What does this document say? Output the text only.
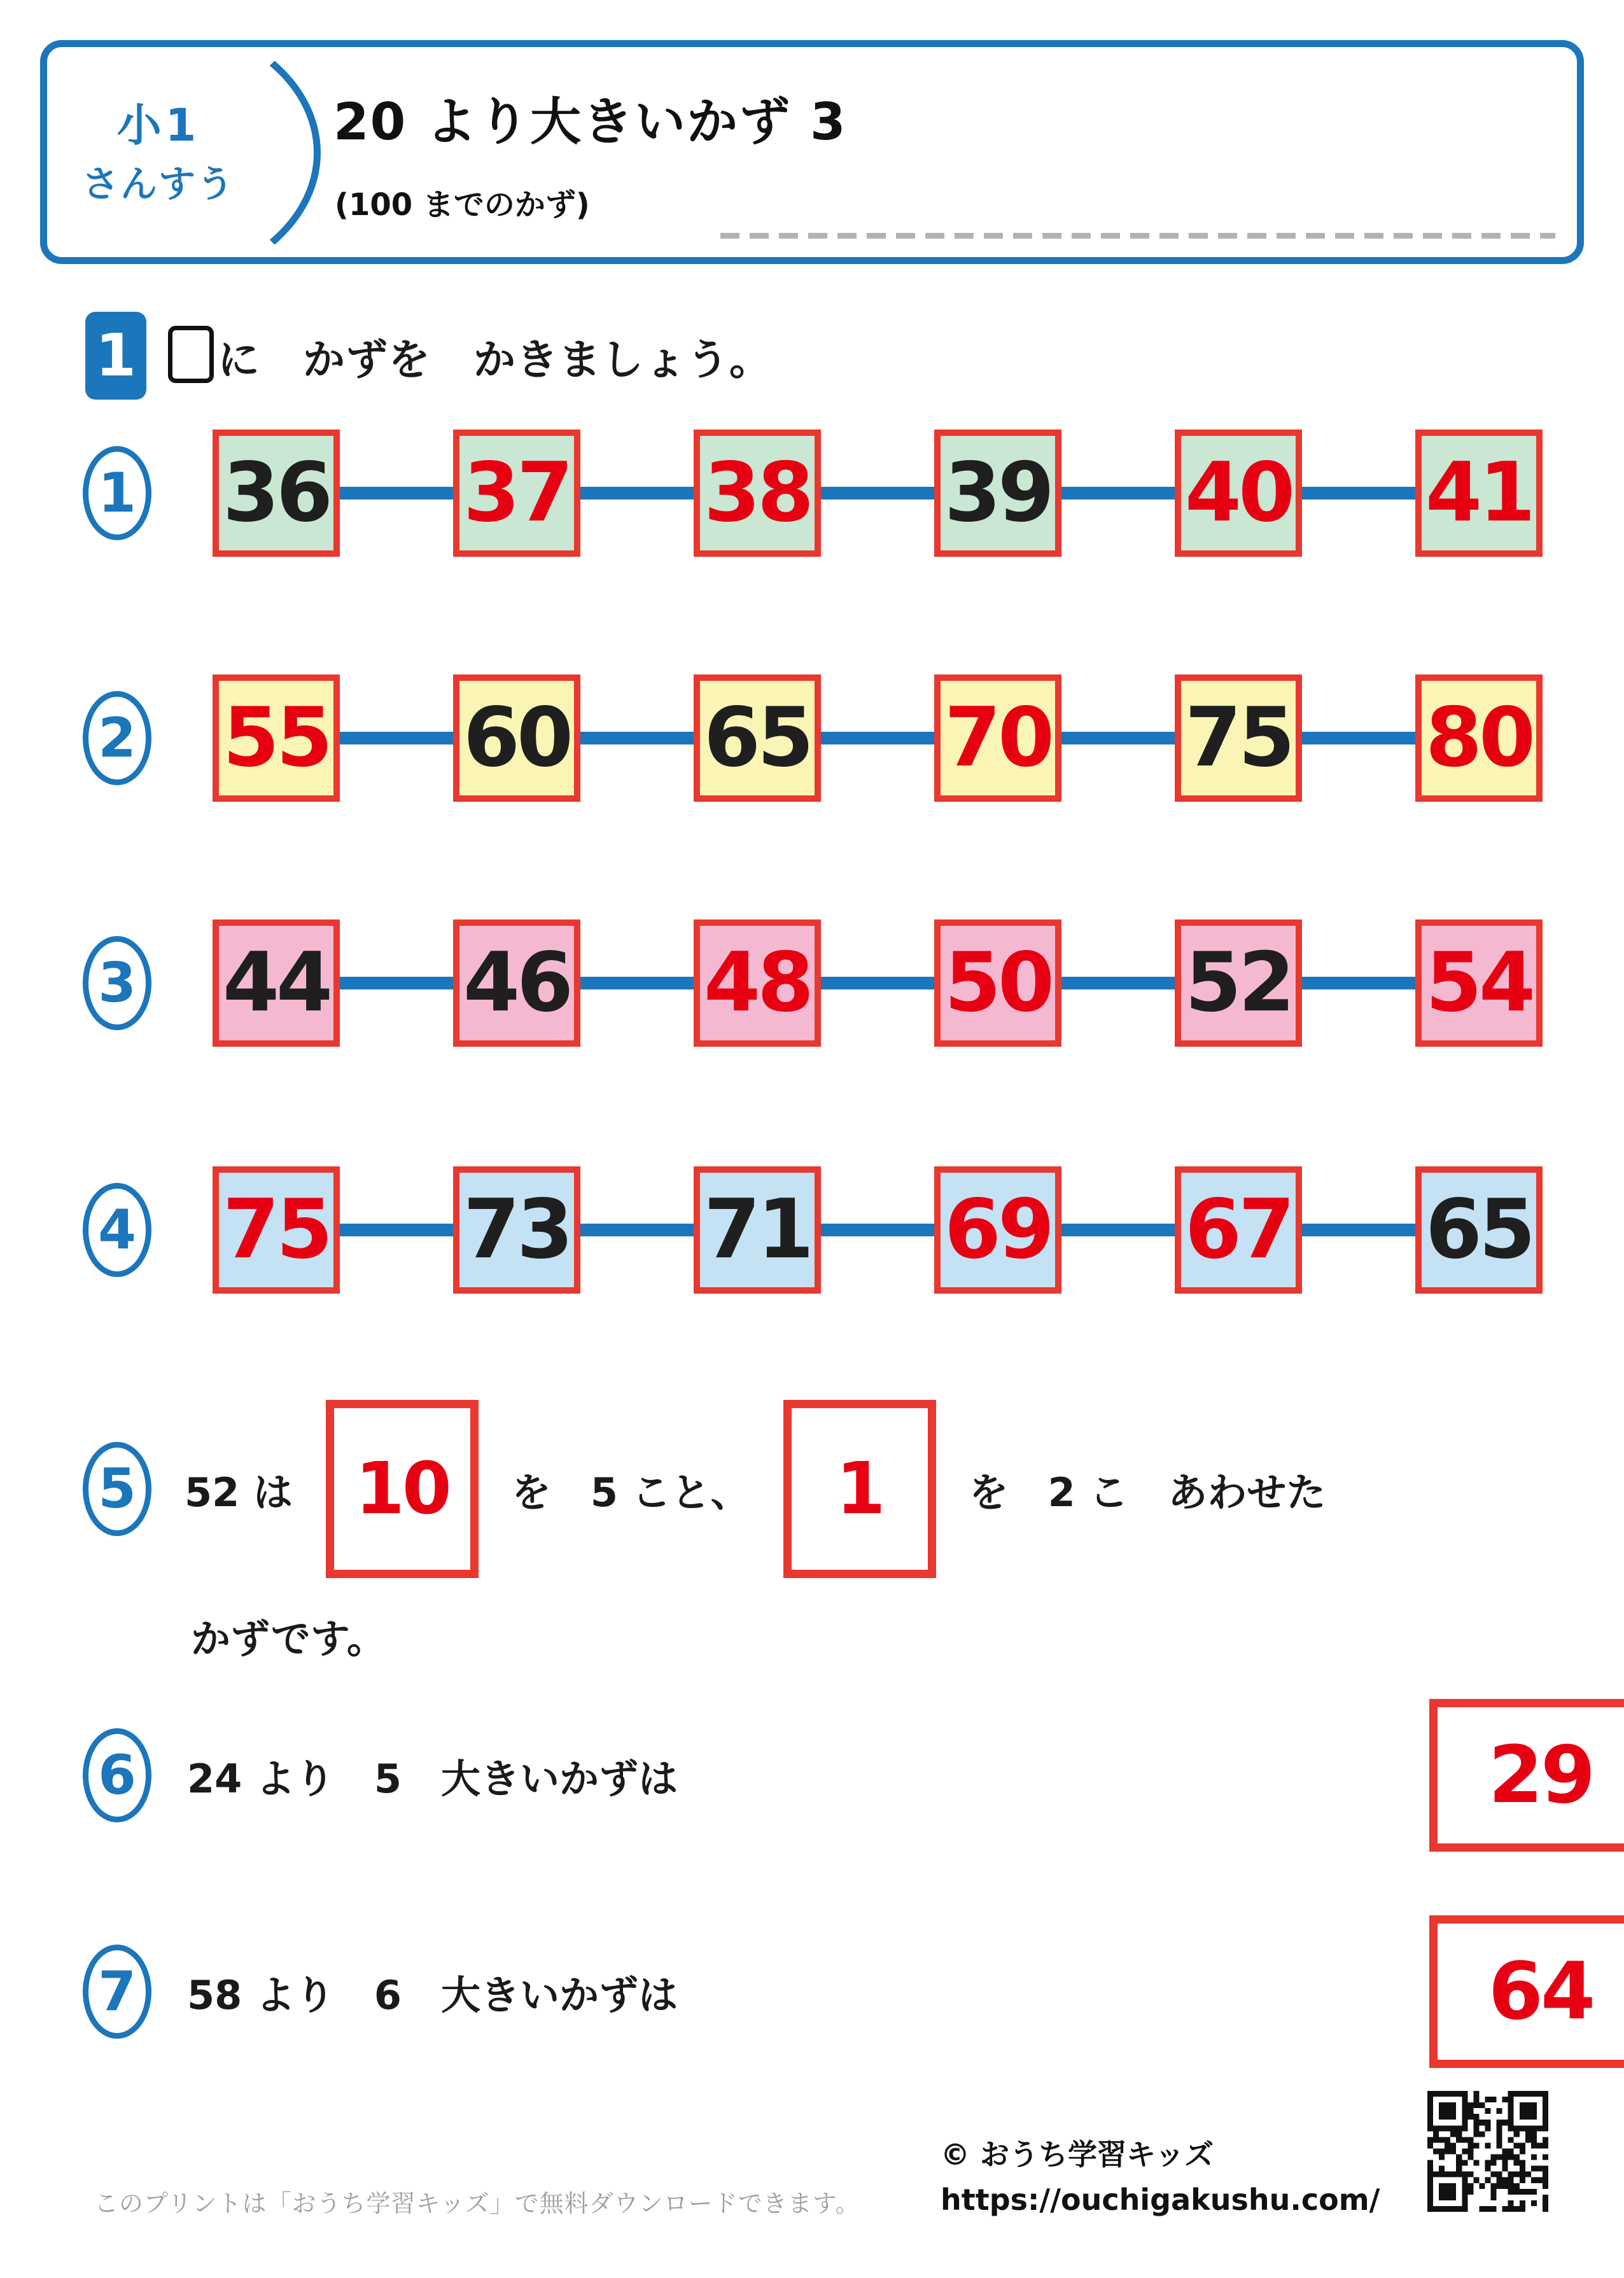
小1
さんすう
20 より大きいかず 3
(100 までのかず)
1	に　かずを　かきましょう。
1 36 37 38 39 40 41
2 55 60 65 70 75 80
3 44 46 48 50 52 54
4 75 73 71 69 67 65
5	52 は 10 を　5 こと、 1 を　2 こ　あわせた
かずです。
6	24 より　5　大きいかずは	29
7	58 より　6　大きいかずは	64
このプリントは「おうち学習キッズ」で無料ダウンロードできます。
© おうち学習キッズ
https://ouchigakushu.com/
